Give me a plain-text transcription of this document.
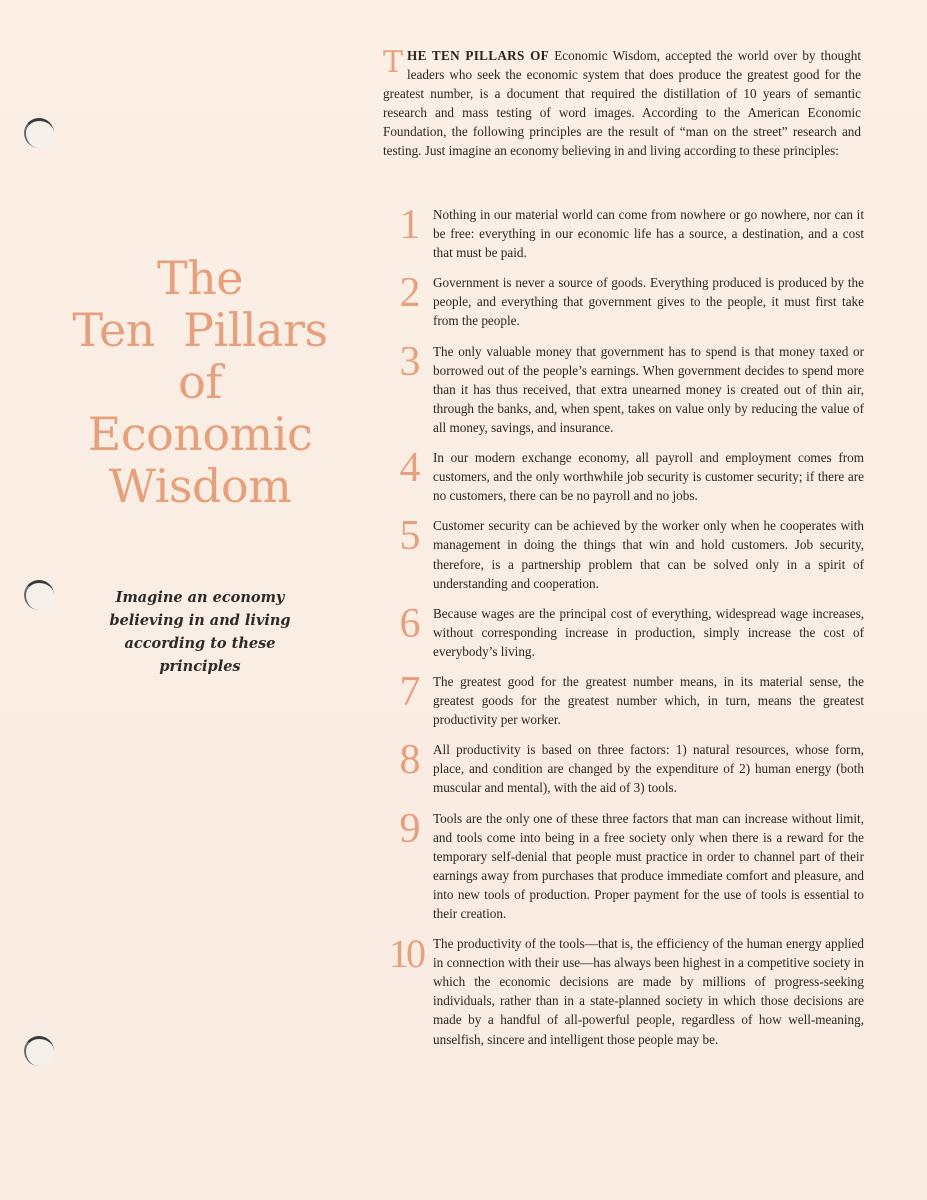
The
Ten  Pillars
of
Economic
Wisdom
Imagine an economy
believing in and living
according to these
principles
THE TEN PILLARS OF Economic Wisdom, accepted the world over by thought leaders who seek the economic system that does produce the greatest good for the greatest number, is a document that required the distillation of 10 years of semantic research and mass testing of word images. According to the American Economic Foundation, the following principles are the result of “man on the street” research and testing. Just imagine an economy believing in and living according to these principles:
1 Nothing in our material world can come from nowhere or go nowhere, nor can it be free: everything in our economic life has a source, a destination, and a cost that must be paid.
2 Government is never a source of goods. Everything produced is produced by the people, and everything that government gives to the people, it must first take from the people.
3 The only valuable money that government has to spend is that money taxed or borrowed out of the people’s earnings. When government decides to spend more than it has thus received, that extra unearned money is created out of thin air, through the banks, and, when spent, takes on value only by reducing the value of all money, savings, and insurance.
4 In our modern exchange economy, all payroll and employment comes from customers, and the only worthwhile job security is customer security; if there are no customers, there can be no payroll and no jobs.
5 Customer security can be achieved by the worker only when he cooperates with management in doing the things that win and hold customers. Job security, therefore, is a partnership problem that can be solved only in a spirit of understanding and cooperation.
6 Because wages are the principal cost of everything, widespread wage increases, without corresponding increase in production, simply increase the cost of everybody’s living.
7 The greatest good for the greatest number means, in its material sense, the greatest goods for the greatest number which, in turn, means the greatest productivity per worker.
8 All productivity is based on three factors: 1) natural resources, whose form, place, and condition are changed by the expenditure of 2) human energy (both muscular and mental), with the aid of 3) tools.
9 Tools are the only one of these three factors that man can increase without limit, and tools come into being in a free society only when there is a reward for the temporary self-denial that people must practice in order to channel part of their earnings away from purchases that produce immediate comfort and pleasure, and into new tools of production. Proper payment for the use of tools is essential to their creation.
10 The productivity of the tools—that is, the efficiency of the human energy applied in connection with their use—has always been highest in a competitive society in which the economic decisions are made by millions of progress-seeking individuals, rather than in a state-planned society in which those decisions are made by a handful of all-powerful people, regardless of how well-meaning, unselfish, sincere and intelligent those people may be.
